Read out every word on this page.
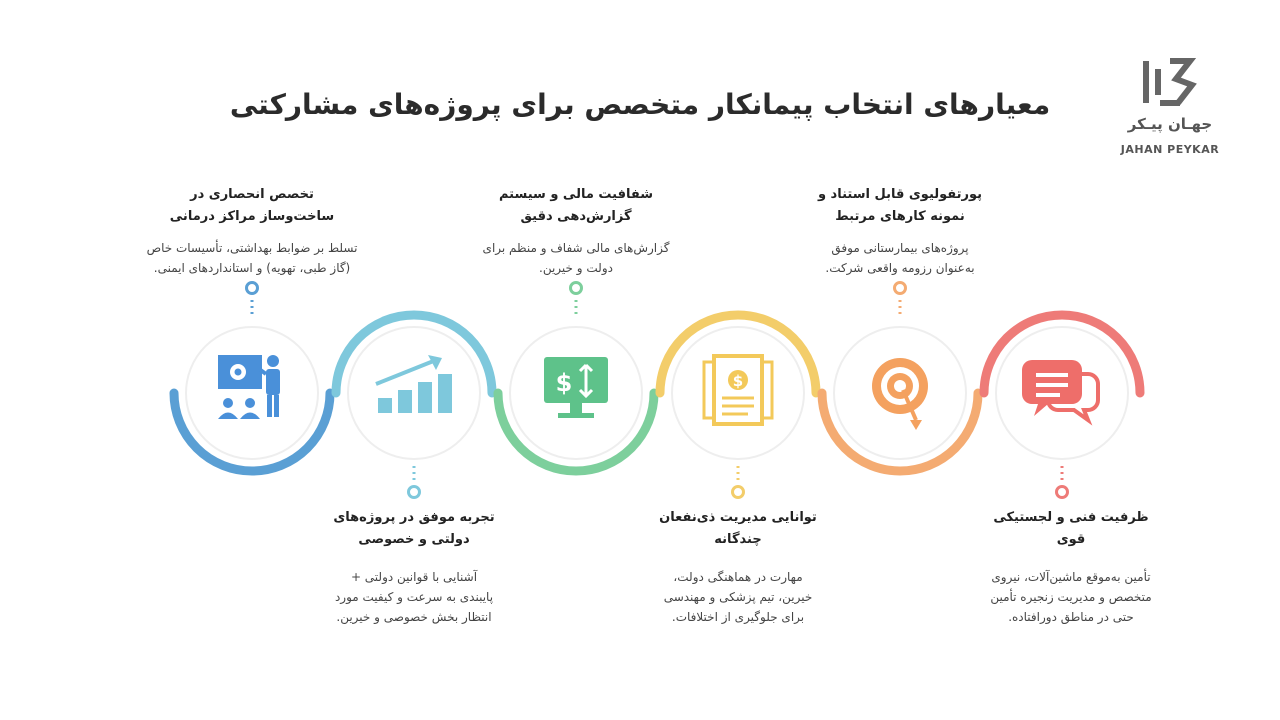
معیارهای انتخاب پیمانکار متخصص برای پروژه‌های مشارکتی
جهـان پیـکر
JAHAN PEYKAR
$	$
تخصص انحصاری در
ساخت‌وساز مراکز درمانی
تسلط بر ضوابط بهداشتی، تأسیسات خاص
(گاز طبی، تهویه) و استانداردهای ایمنی.
تجربه موفق در پروژه‌های
دولتی و خصوصی
آشنایی با قوانین دولتی +
پایبندی به سرعت و کیفیت مورد
انتظار بخش خصوصی و خیرین.
شفافیت مالی و سیستم
گزارش‌دهی دقیق
گزارش‌های مالی شفاف و منظم برای
دولت و خیرین.
توانایی مدیریت ذی‌نفعان
چندگانه
مهارت در هماهنگی دولت،
خیرین، تیم پزشکی و مهندسی
برای جلوگیری از اختلافات.
پورتفولیوی قابل استناد و
نمونه کارهای مرتبط
پروژه‌های بیمارستانی موفق
به‌عنوان رزومه واقعی شرکت.
ظرفیت فنی و لجستیکی
قوی
تأمین به‌موقع ماشین‌آلات، نیروی
متخصص و مدیریت زنجیره تأمین
حتی در مناطق دورافتاده.
